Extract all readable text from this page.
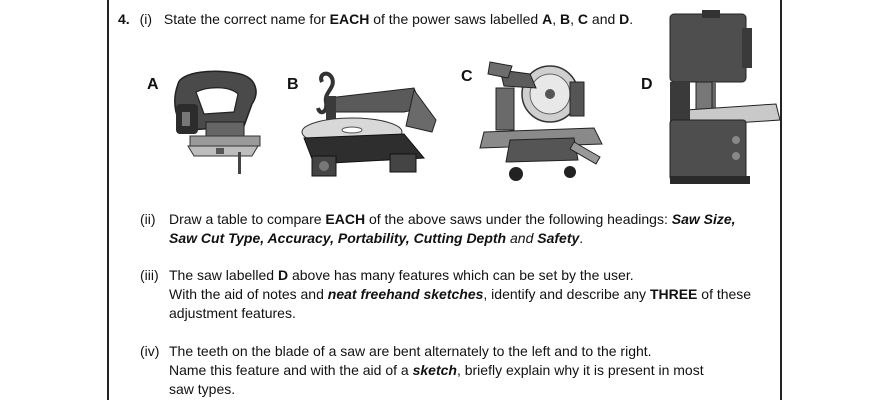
4. (i) State the correct name for EACH of the power saws labelled A, B, C and D.
A	B	C	D
(ii) Draw a table to compare EACH of the above saws under the following headings: Saw Size,
Saw Cut Type, Accuracy, Portability, Cutting Depth and Safety.
(iii) The saw labelled D above has many features which can be set by the user.
With the aid of notes and neat freehand sketches, identify and describe any THREE of these
adjustment features.
(iv) The teeth on the blade of a saw are bent alternately to the left and to the right.
Name this feature and with the aid of a sketch, briefly explain why it is present in most
saw types.
